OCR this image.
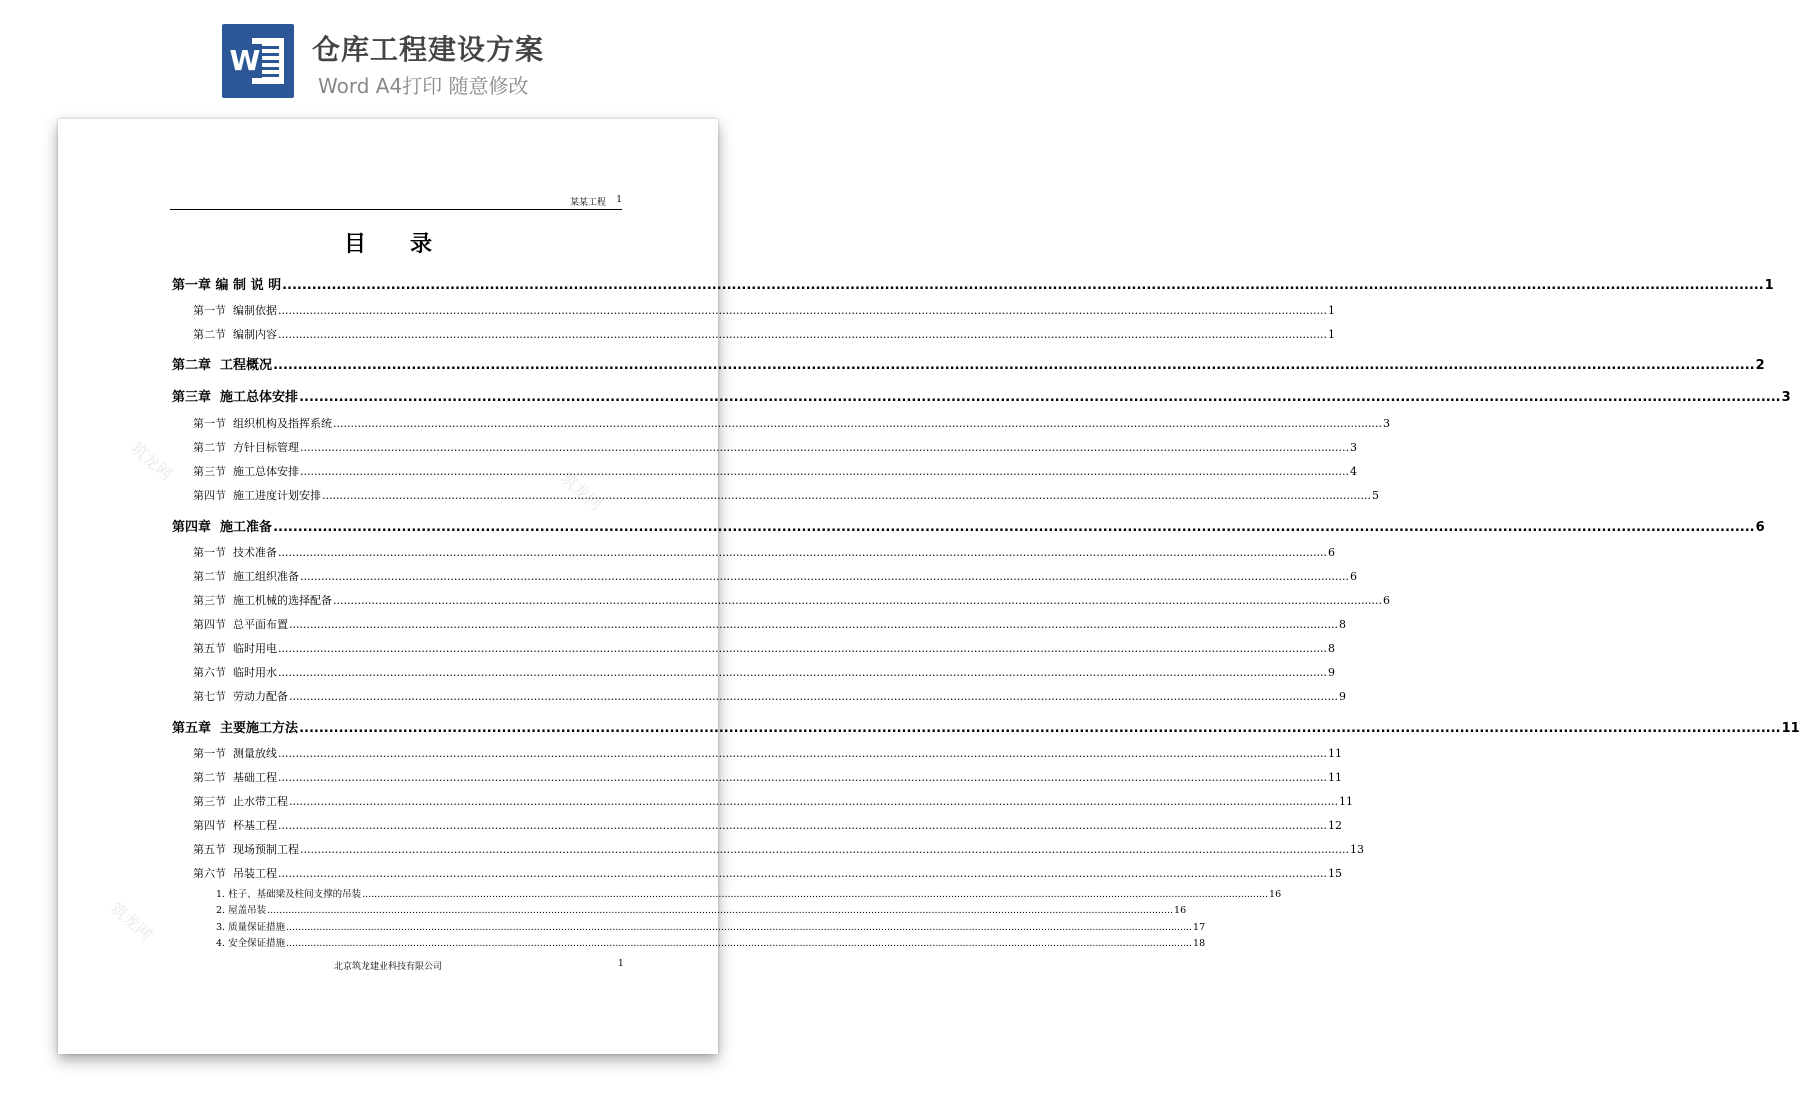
W 仓库工程建设方案
Word A4打印 随意修改
筑龙网
筑龙网
筑龙网
某某工程 1
目　　录
第一章 编 制 说 明 ............................................................................................................................................................................................................................................................................................................ 1
第一节  编制依据 ............................................................................................................................................................................................................................................................................................................ 1
第二节  编制内容 ............................................................................................................................................................................................................................................................................................................ 1
第二章  工程概况 ............................................................................................................................................................................................................................................................................................................ 2
第三章  施工总体安排 ............................................................................................................................................................................................................................................................................................................ 3
第一节  组织机构及指挥系统 ............................................................................................................................................................................................................................................................................................................ 3
第二节  方针目标管理 ............................................................................................................................................................................................................................................................................................................ 3
第三节  施工总体安排 ............................................................................................................................................................................................................................................................................................................ 4
第四节  施工进度计划安排 ............................................................................................................................................................................................................................................................................................................ 5
第四章  施工准备 ............................................................................................................................................................................................................................................................................................................ 6
第一节  技术准备 ............................................................................................................................................................................................................................................................................................................ 6
第二节  施工组织准备 ............................................................................................................................................................................................................................................................................................................ 6
第三节  施工机械的选择配备 ............................................................................................................................................................................................................................................................................................................ 6
第四节  总平面布置 ............................................................................................................................................................................................................................................................................................................ 8
第五节  临时用电 ............................................................................................................................................................................................................................................................................................................ 8
第六节  临时用水 ............................................................................................................................................................................................................................................................................................................ 9
第七节  劳动力配备 ............................................................................................................................................................................................................................................................................................................ 9
第五章  主要施工方法 ............................................................................................................................................................................................................................................................................................................ 11
第一节  测量放线 ............................................................................................................................................................................................................................................................................................................ 11
第二节  基础工程 ............................................................................................................................................................................................................................................................................................................ 11
第三节  止水带工程 ............................................................................................................................................................................................................................................................................................................ 11
第四节  杯基工程 ............................................................................................................................................................................................................................................................................................................ 12
第五节  现场预制工程 ............................................................................................................................................................................................................................................................................................................ 13
第六节  吊装工程 ............................................................................................................................................................................................................................................................................................................ 15
1. 柱子、基础梁及柱间支撑的吊装 ............................................................................................................................................................................................................................................................................................................ 16
2. 屋盖吊装 ............................................................................................................................................................................................................................................................................................................ 16
3. 质量保证措施 ............................................................................................................................................................................................................................................................................................................ 17
4. 安全保证措施 ............................................................................................................................................................................................................................................................................................................ 18
北京筑龙建业科技有限公司	1
